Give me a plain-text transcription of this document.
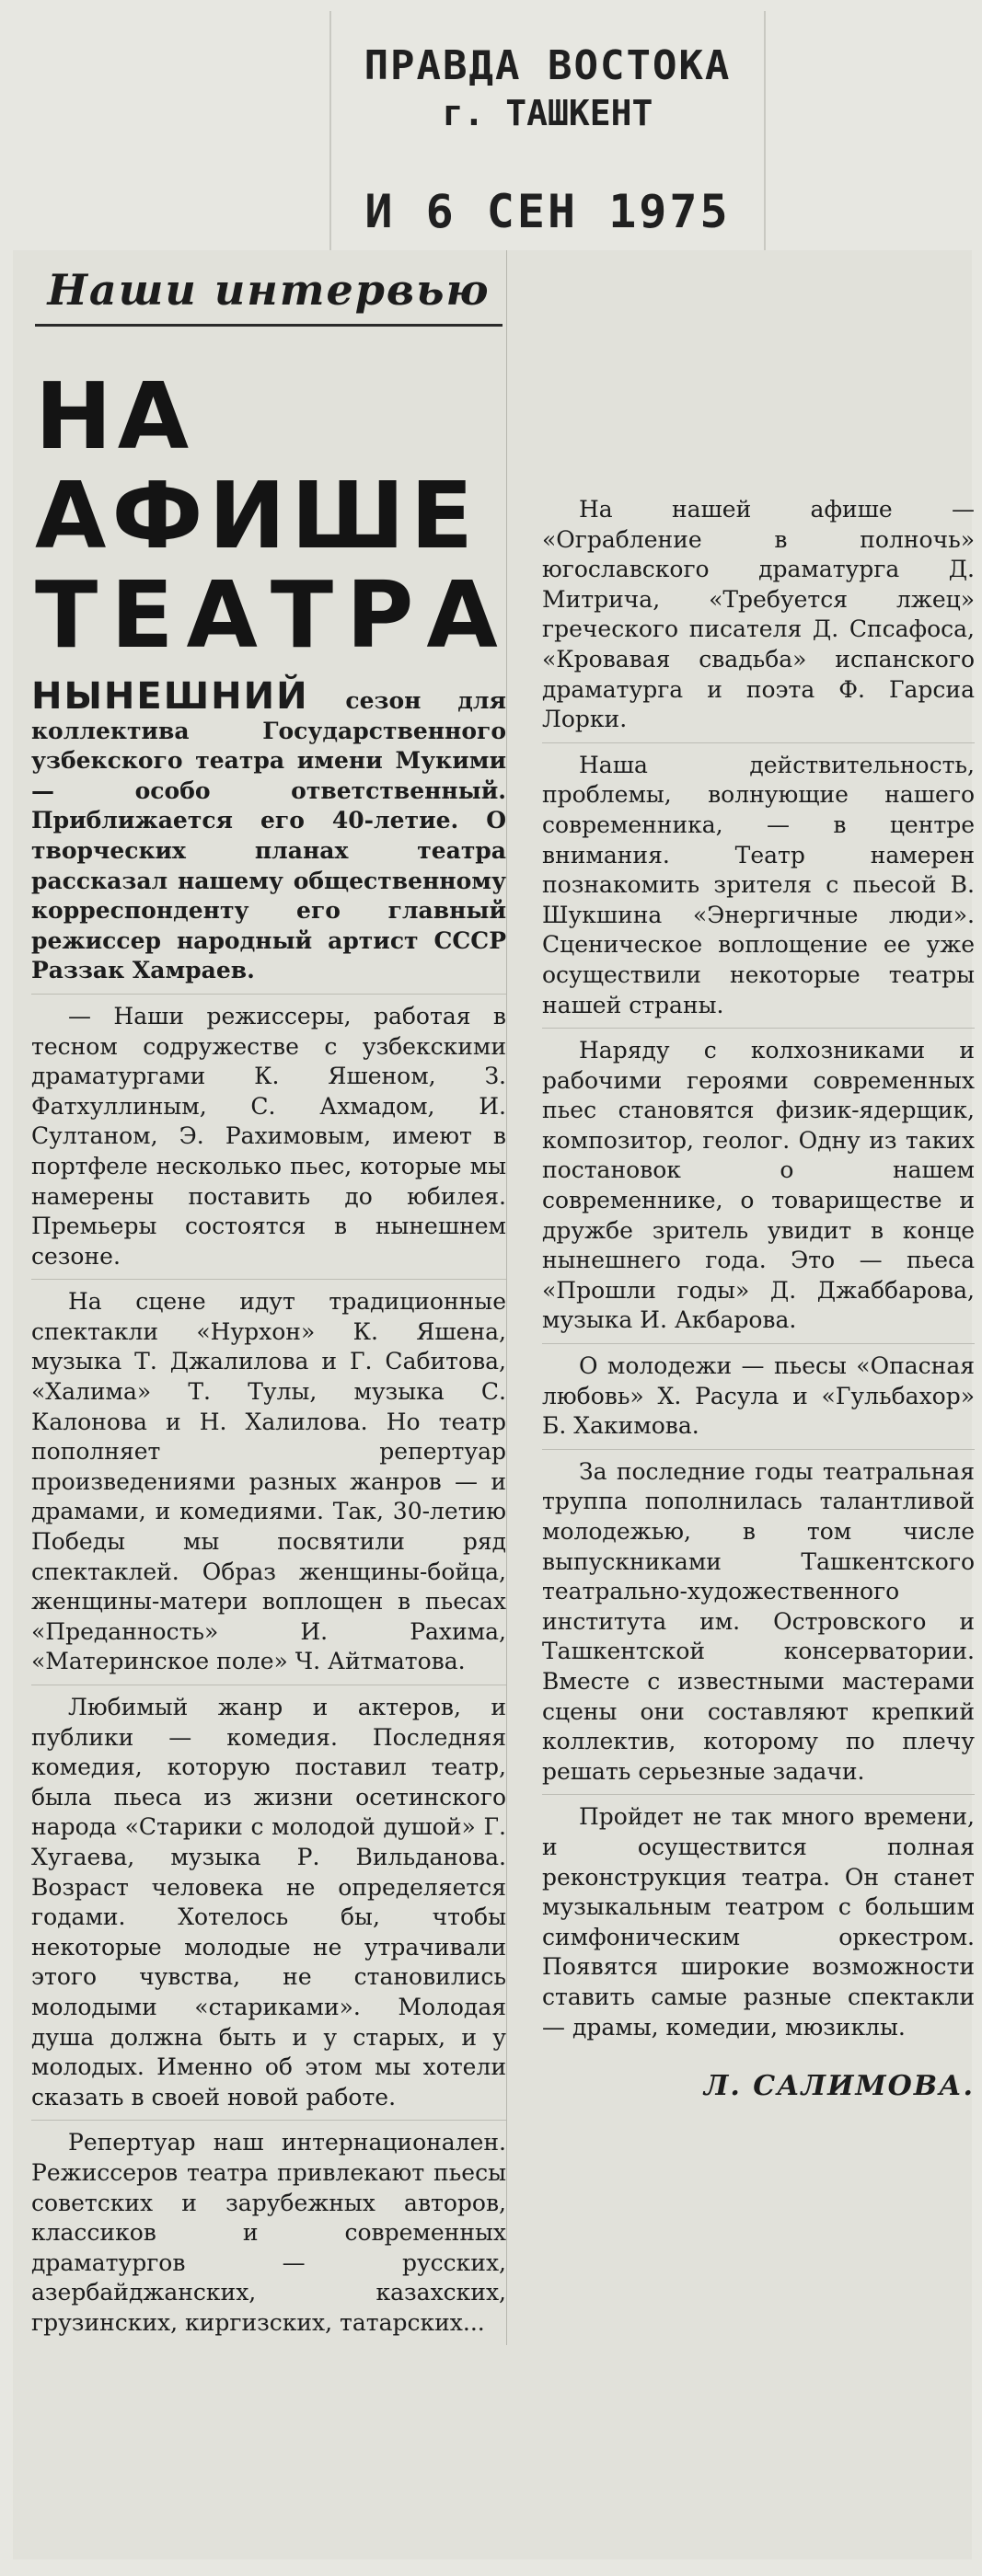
ПРАВДА ВОСТОКА
г. ТАШКЕНТ
И 6 СЕН 1975
Наши интервью
НА АФИШЕ
ТЕАТРА

НЫНЕШНИЙ сезон для коллектива Государственного узбекского театра имени Мукими — особо ответственный. Приближается его 40-летие. О творческих планах театра рассказал нашему общественному корреспонденту его главный режиссер народный артист СССР Раззак Хамраев.

— Наши режиссеры, работая в тесном содружестве с узбекскими драматургами К. Яшеном, З. Фатхуллиным, С. Ахмадом, И. Султаном, Э. Рахимовым, имеют в портфеле несколько пьес, которые мы намерены поставить до юбилея. Премьеры состоятся в нынешнем сезоне.

На сцене идут традиционные спектакли «Нурхон» К. Яшена, музыка Т. Джалилова и Г. Сабитова, «Халима» Т. Тулы, музыка С. Калонова и Н. Халилова. Но театр пополняет репертуар произведениями разных жанров — и драмами, и комедиями. Так, 30-летию Победы мы посвятили ряд спектаклей. Образ женщины-бойца, женщины-матери воплощен в пьесах «Преданность» И. Рахима, «Материнское поле» Ч. Айтматова.

Любимый жанр и актеров, и публики — комедия. Последняя комедия, которую поставил театр, была пьеса из жизни осетинского народа «Старики с молодой душой» Г. Хугаева, музыка Р. Вильданова. Возраст человека не определяется годами. Хотелось бы, чтобы некоторые молодые не утрачивали этого чувства, не становились молодыми «стариками». Молодая душа должна быть и у старых, и у молодых. Именно об этом мы хотели сказать в своей новой работе.

Репертуар наш интернационален. Режиссеров театра привлекают пьесы советских и зарубежных авторов, классиков и современных драматургов — русских, азербайджанских, казахских, грузинских, киргизских, татарских...

На нашей афише — «Ограбление в полночь» югославского драматурга Д. Митрича, «Требуется лжец» греческого писателя Д. Спсафоса, «Кровавая свадьба» испанского драматурга и поэта Ф. Гарсиа Лорки.

Наша действительность, проблемы, волнующие нашего современника, — в центре внимания. Театр намерен познакомить зрителя с пьесой В. Шукшина «Энергичные люди». Сценическое воплощение ее уже осуществили некоторые театры нашей страны.

Наряду с колхозниками и рабочими героями современных пьес становятся физик-ядерщик, композитор, геолог. Одну из таких постановок о нашем современнике, о товариществе и дружбе зритель увидит в конце нынешнего года. Это — пьеса «Прошли годы» Д. Джаббарова, музыка И. Акбарова.

О молодежи — пьесы «Опасная любовь» Х. Расула и «Гульбахор» Б. Хакимова.

За последние годы театральная труппа пополнилась талантливой молодежью, в том числе выпускниками Ташкентского театрально-художественного института им. Островского и Ташкентской консерватории. Вместе с известными мастерами сцены они составляют крепкий коллектив, которому по плечу решать серьезные задачи.

Пройдет не так много времени, и осуществится полная реконструкция театра. Он станет музыкальным театром с большим симфоническим оркестром. Появятся широкие возможности ставить самые разные спектакли — драмы, комедии, мюзиклы.

Л. САЛИМОВА.
